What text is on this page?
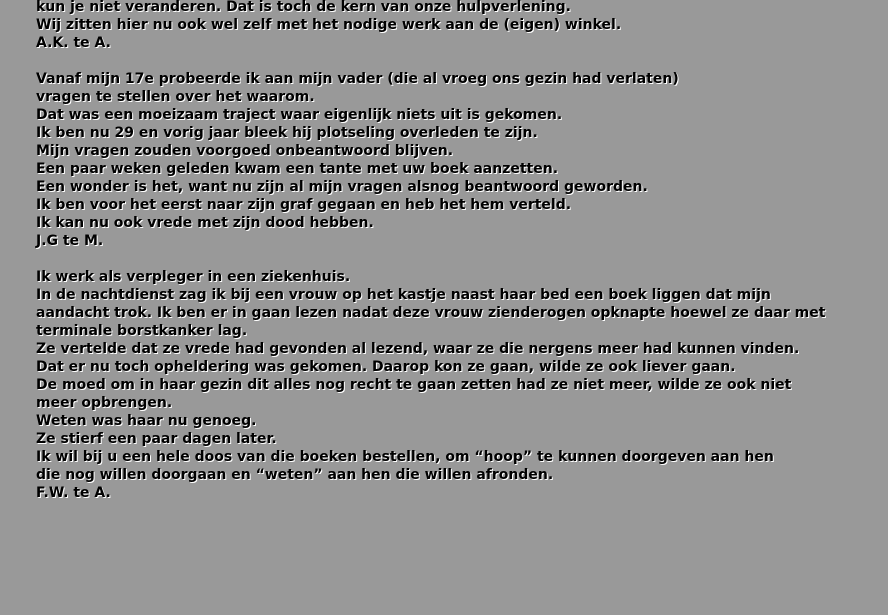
kun je niet veranderen. Dat is toch de kern van onze hulpverlening.
Wij zitten hier nu ook wel zelf met het nodige werk aan de (eigen) winkel.
A.K. te A.
Vanaf mijn 17e probeerde ik aan mijn vader (die al vroeg ons gezin had verlaten)
vragen te stellen over het waarom.
Dat was een moeizaam traject waar eigenlijk niets uit is gekomen.
Ik ben nu 29 en vorig jaar bleek hij plotseling overleden te zijn.
Mijn vragen zouden voorgoed onbeantwoord blijven.
Een paar weken geleden kwam een tante met uw boek aanzetten.
Een wonder is het, want nu zijn al mijn vragen alsnog beantwoord geworden.
Ik ben voor het eerst naar zijn graf gegaan en heb het hem verteld.
Ik kan nu ook vrede met zijn dood hebben.
J.G te M.
Ik werk als verpleger in een ziekenhuis.
In de nachtdienst zag ik bij een vrouw op het kastje naast haar bed een boek liggen dat mijn
aandacht trok. Ik ben er in gaan lezen nadat deze vrouw zienderogen opknapte hoewel ze daar met
terminale borstkanker lag.
Ze vertelde dat ze vrede had gevonden al lezend, waar ze die nergens meer had kunnen vinden.
Dat er nu toch opheldering was gekomen. Daarop kon ze gaan, wilde ze ook liever gaan.
De moed om in haar gezin dit alles nog recht te gaan zetten had ze niet meer, wilde ze ook niet
meer opbrengen.
Weten was haar nu genoeg.
Ze stierf een paar dagen later.
Ik wil bij u een hele doos van die boeken bestellen, om “hoop” te kunnen doorgeven aan hen
die nog willen doorgaan en “weten” aan hen die willen afronden.
F.W. te A.
